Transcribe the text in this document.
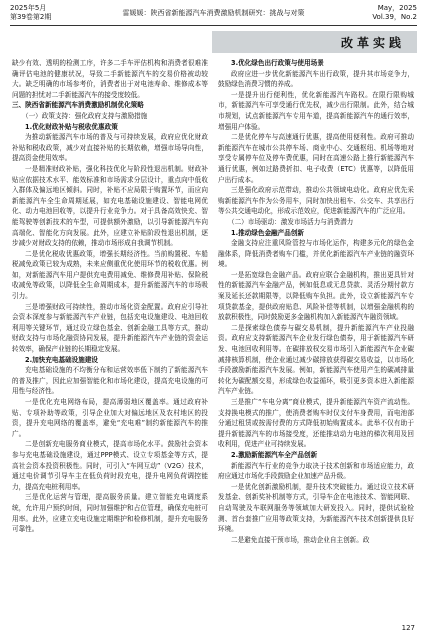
2025年5月
第39卷第2期	雷媛媛：陕西省新能源汽车消费激励机制研究：挑战与对策
May，2025
Vol.39，No.2
改革实践

缺少有效、透明的检测工序，许多二手车评估机构和消费者很难准确评估电池的健康状况，导致二手新能源汽车的交易价格被动较大。缺乏明确的市场参考价，消费者出于对电池寿命、维修成本等问题的担忧对二手新能源汽车的接受度较低。

三、陕西省新能源汽车消费激励机制优化策略

（一）政策支持：强化政府支持与激励措施

1.优化财政补贴与税收优惠政策

为推动新能源汽车市场的普及与可持续发展，政府应优化财政补贴和税收政策，减少对直接补贴的长期依赖，增强市场导向性，提高资金使用效率。

一是精准财政补贴，强化科技优化与阶段性退出机制。财政补贴应依据技术水平、能效标准和市场需求分层设计，重点向中低收入群体及偏远地区倾斜。同时，补贴不应局限于购置环节，而应向新能源汽车全生命周期延展，如充电基础设施建设、智能电网优化、动力电池回收等，以提升行业竞争力。对于具备高效快充、智能驾驶等创新技术的车型，可提供额外激励，以引导新能源汽车向高端化、智能化方向发展。此外，应建立补贴阶段性退出机制，逐步减少对财政支持的依赖，推动市场形成自我调节机制。

二是优化税收优惠政策，增强长期经济性。当前购置税、车船税减免政策已较为成熟，未来应侧重优化使用环节的税收优惠。例如，对新能源汽车用户提供充电费用减免、维修费用补贴、保险税收减免等政策，以降低全生命周期成本，提升新能源汽车的市场吸引力。

三是增强财政可持续性，推动市场化资金配置。政府应引导社会资本深度参与新能源汽车产业链，包括充电设施建设、电池回收利用等关键环节，通过设立绿色基金、创新金融工具等方式，推动财政支持与市场化融资协同发展，提升新能源汽车产业链的资金运转效率，确保产业链的长期稳定发展。

2.加快充电基础设施建设

充电基础设施的不均衡分布和运营效率低下制约了新能源汽车的普及推广，因此应加强智能化和市场化建设，提高充电设施的可用性与经济性。

一是优化充电网络布局，提高薄弱地区覆盖率。通过政府补贴、专项补助等政策，引导企业加大对偏远地区及农村地区的投资，提升充电网络的覆盖率，避免“充电难”制约新能源汽车的推广。

二是创新充电服务商业模式，提高市场化水平。鼓励社会资本参与充电基础设施建设，通过PPP模式、设立专项基金等方式，提高社会资本投资积极性。同时，可引入“车网互动”（V2G）技术，通过电价调节引导车主在低负荷时段充电，提升电网负荷调控能力，提高充电桩利用率。

三是优化运营与管理，提高服务质量。建立智能充电调度系统，允许用户预约时间，同时加强维护和占位管理，确保充电桩可用率。此外，应建立充电设施定期维护和检修机制，提升充电服务可靠性。

3.优化绿色出行政策与使用场景

政府应进一步优化新能源汽车出行政策，提升其市场竞争力，鼓励绿色消费习惯的养成。

一是提升出行便利性，优化新能源汽车路权。在限行限购城市，新能源汽车可享受通行优先权，减少出行限制。此外，结合城市规划，试点新能源汽车专用车道，提高新能源汽车的通行效率，增强用户体验。

二是优化停车与高速通行优惠，提高使用便利性。政府可推动新能源汽车在城市公共停车场、商业中心、交通枢纽、机场等地对享受专属停车位及停车费优惠，同时在高速公路上推行新能源汽车通行优惠，例如过路费折扣、电子收费（ETC）优惠等，以降低用户出行成本。

三是强化政府示范带动，推动公共领域电动化。政府应优先采购新能源汽车作为公务用车，同时加快出租车、公交车、共享出行等公共交通电动化，形成示范效应，促进新能源汽车的广泛应用。

（二）市场驱动：激发市场活力与消费潜力

1.推动绿色金融产品创新

金融支持应注重风险管控与市场化运作，构建多元化的绿色金融体系，降低消费者购车门槛，并优化新能源汽车产业链的融资环境。

一是拓宽绿色金融产品。政府应联合金融机构，推出更具针对性的新能源汽车金融产品，例如低息或无息贷款、灵活分期付款方案及延长还款期限等，以降低购车负担。此外，设立新能源汽车专项贷款基金，提供政府贴息、风险补偿等机制，以增强金融机构的放款积极性，同时鼓励更多金融机构加入新能源汽车融资领域。

二是探索绿色债券与碳交易机制，提升新能源汽车产业投融资。政府应支持新能源汽车企业发行绿色债券，用于新能源汽车研发、电池回收利用等。在碳排放权交易市场引入新能源汽车企业碳减排核算机制，使企业通过减少碳排放获得碳交易收益，以市场化手段激励新能源汽车发展。例如，新能源汽车使用产生的碳减排量转化为碳配额交易，形成绿色收益循环，吸引更多资本进入新能源汽车产业链。

三是推广“车电分离”商业模式，提升新能源汽车资产流动性。支持换电模式的推广，使消费者购车时仅支付车身费用，而电池部分通过租赁或按需付费的方式降低初始购置成本。此举不仅有助于提升新能源汽车的市场接受度，还能推动动力电池的梯次利用及回收利用，促进产业可持续发展。

2.激励新能源汽车全产品创新

新能源汽车行业的竞争力取决于技术创新和市场适应能力，政府应通过市场化手段鼓励企业加速产品升级。

一是优化创新激励机制，提升技术突破能力。通过设立技术研发基金、创新奖补机制等方式，引导车企在电池技术、智能网联、自动驾驶及车联网服务等领域加大研发投入。同时，提供试验检测、首台套推广应用等政策支持，为新能源汽车技术创新提供良好环境。

二是避免直接干预市场，推动企业自主创新。政

127
